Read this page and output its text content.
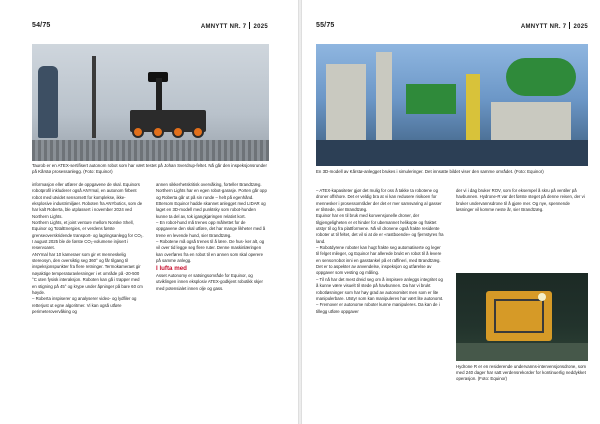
54/75	AMNYTT NR. 7 2025
Taurob er en ATEX-sertifisert autonom robot som har vært testet på Johan Sverdrup-feltet. Nå går den inspeksjonsrunder på Kårstø prosessanlegg. (Foto: Equinor)

informasjon eller utfører de oppgavene de skal. Equinors robotprofil inkluderer også ANYmal, en autonom firbent robot med utvidet sensorsett for komplekse, ikke-eksplosive industrimiljøer. Roboten fra ANYbotics, som de har kalt Roberta, ble utplassert i november 2024 ved Northern Lights.

Northern Lights, et joint venture mellom Norske Shell, Equinor og TotalEnergies, er verdens første grenseoverskridende transport- og lagringsanlegg for CO₂. I august 2025 ble de første CO₂-volumene injisert i reservoaret.

ANYmal har 10 kameraer som gir et menneskelig stereosyn, den oversiktig seg 360° og får tilgang til inspeksjonspunkter fra flere retninger. Termokameraet gir nøyaktige temperaturavlesninger i et område på -20-500 °C uten fysisk interaksjon. Roboten kan gå i trapper med en stigning på 45° og krype under åpninger på bare 60 cm høyde.

– Roberta inspiserer og analyserer video- og lydfiler og retterjust ut egne algoritmer. Vi kan også utføre perimeterovervåking og

annen sikkerhetskritisk overvåking, forteller Brandtzæg.

Northern Lights har en egen robot-garasje. Porten går opp og Roberta går ut på sin runde – helt på egenhånd. Ettersom Equinor hadde skannet anlegget med LIDAR og laget en 3D-modell med punktsky som robot-hunden kunne ta del av, tok igangkjøringen relativt kort.

– En robot-hund må trenes opp målrettet for de oppgavene den skal utføre, det har mange likheter med å trene en levende hund, sier Brandtzæg.

– Robotene må også trenes til å lære. De hus- ker alt, og vil over tid legge seg flere ruter. Denne maskinlæringen kan overføres fra en robot til en annen som skal operere på samme anlegg.

I lufta med

Asset Autonomy er satsingsområde for Equinor, og utviklingen innen eksplosiv ATEX-godkjent robotikk skjer med potensialet innen olje og gass.

55/75	AMNYTT NR. 7 2025
En 3D-modell av Kårstø-anlegget brukes i simuleringer. Det innsatte bildet viser den samme området. (Foto: Equinor)

– ATEX-kapasiteter gjør det mulig for oss å takke ta robotene og droner offshore. Det er veldig bra at vi kan redusere risikoen for mennesker i prosessområder der det er mer samsvaring al gasser er tilstede, sier Brandtzæg.

Equinor har en til bruk med konvensjonelle droner, der tilgjengeligheten er et hinder for ubemannet helikopte og fraktet utstyr til og fra plattformene. Nå vil dronene også frakte residente roboter ut til feltet, det vil si at de er «rastboende» og fjernstyres fra land.

– Robotdyrene roboter kan hugt frakte seg automatiserte og leger til felget mileger, og Equinor har allerede brukt en robot til å levere en sensorrobot inni en gasstankel på et raffineri, med Brandtzæg.

Det er to aspekter av anvendelse, inspeksjon og utførelse av oppgaver som vesting og måling.

– Til nå har det mest dreid seg om å inspisere anleggs integritet og å kunne være visuelt til stede på havbunnen. Da har vi brukt robotløsninger som har høy grad av autonomitet men som er lite manipulerbare. Utstyr som kan manipuleres har vært lite autonomt.

– Fremover er autonome roboter kunne manipuleres. Da kan de i tillegg utføre oppgaver

der vi i dag bruker ROV, som for eksempel å skru på ventiler på havbunnen. Hydrone-R var det første steget på denne reisen, der vi bruker undervannsdrone til å gjøre mer. Og nye, spennende løsninger vil komme neste år, sier Brandtzæg.

Hydrone R er en residerende undervanns-intervensjonsdrone, som med 240 dager har satt verdensrekorder for kontinuerlig neddykket operasjon. (Foto: Equinor)
